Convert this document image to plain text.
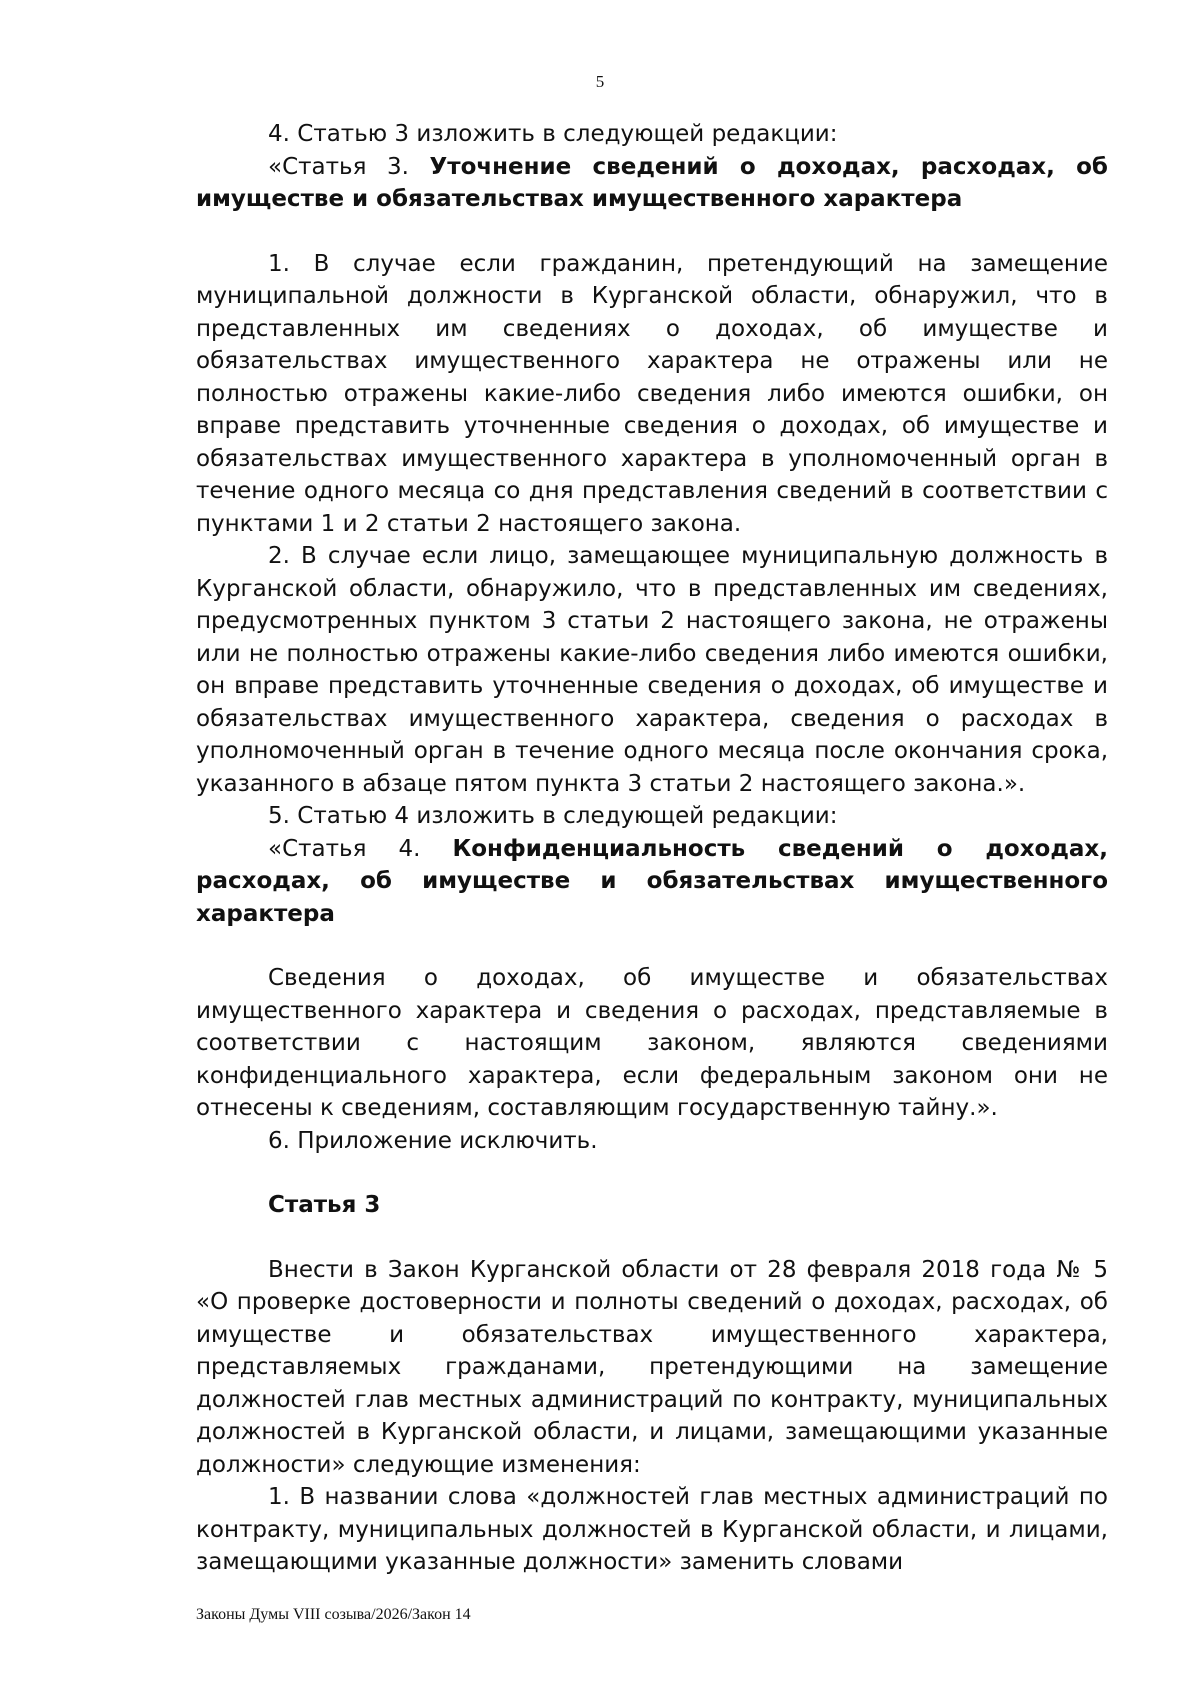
5

4. Статью 3 изложить в следующей редакции:

«Статья 3. Уточнение сведений о доходах, расходах, об имуществе и обязательствах имущественного характера

1. В случае если гражданин, претендующий на замещение муниципальной должности в Курганской области, обнаружил, что в представленных им сведениях о доходах, об имуществе и обязательствах имущественного характера не отражены или не полностью отражены какие-либо сведения либо имеются ошибки, он вправе представить уточненные сведения о доходах, об имуществе и обязательствах имущественного характера в уполномоченный орган в течение одного месяца со дня представления сведений в соответствии с пунктами 1 и 2 статьи 2 настоящего закона.

2. В случае если лицо, замещающее муниципальную должность в Курганской области, обнаружило, что в представленных им сведениях, предусмотренных пунктом 3 статьи 2 настоящего закона, не отражены или не полностью отражены какие-либо сведения либо имеются ошибки, он вправе представить уточненные сведения о доходах, об имуществе и обязательствах имущественного характера, сведения о расходах в уполномоченный орган в течение одного месяца после окончания срока, указанного в абзаце пятом пункта 3 статьи 2 настоящего закона.».

5. Статью 4 изложить в следующей редакции:

«Статья 4. Конфиденциальность сведений о доходах, расходах, об имуществе и обязательствах имущественного характера

Сведения о доходах, об имуществе и обязательствах имущественного характера и сведения о расходах, представляемые в соответствии с настоящим законом, являются сведениями конфиденциального характера, если федеральным законом они не отнесены к сведениям, составляющим государственную тайну.».

6. Приложение исключить.

Статья 3

Внести в Закон Курганской области от 28 февраля 2018 года № 5 «О проверке достоверности и полноты сведений о доходах, расходах, об имуществе и обязательствах имущественного характера, представляемых гражданами, претендующими на замещение должностей глав местных администраций по контракту, муниципальных должностей в Курганской области, и лицами, замещающими указанные должности» следующие изменения:

1. В названии слова «должностей глав местных администраций по контракту, муниципальных должностей в Курганской области, и лицами, замещающими указанные должности» заменить словами

Законы Думы VIII созыва/2026/Закон 14
